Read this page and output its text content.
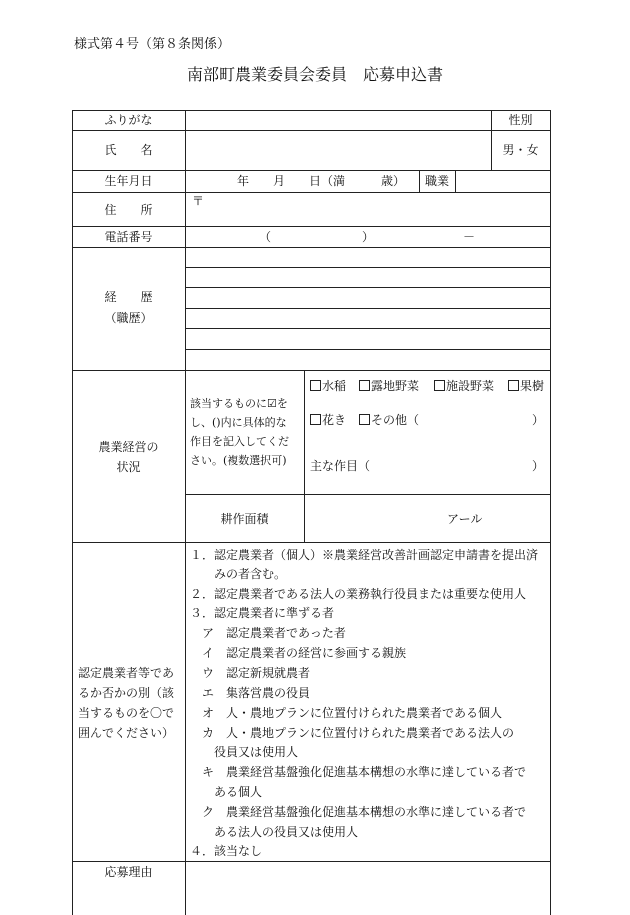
様式第４号（第８条関係）
南部町農業委員会委員　応募申込書
ふりがな	性別
氏　　名	男・女
生年月日	年　　月　　日（満　　　歳）	職業
住　　所
〒
電話番号	（	）	－
経　　歴
（職歴）
農業経営の
状況
該当するものに☑を
し、()内に具体的な
作目を記入してくだ
さい。(複数選択可)
水稲	露地野菜	施設野菜	果樹
花き	その他（	）
主な作目（	）
耕作面積	アール
認定農業者等であ
るか否かの別（該
当するものを〇で
囲んでください）
１．認定農業者（個人）※農業経営改善計画認定申請書を提出済
　　みの者含む。
２．認定農業者である法人の業務執行役員または重要な使用人
３．認定農業者に準ずる者
　ア　認定農業者であった者
　イ　認定農業者の経営に参画する親族
　ウ　認定新規就農者
　エ　集落営農の役員
　オ　人・農地プランに位置付けられた農業者である個人
　カ　人・農地プランに位置付けられた農業者である法人の
　　役員又は使用人
　キ　農業経営基盤強化促進基本構想の水準に達している者で
　　ある個人
　ク　農業経営基盤強化促進基本構想の水準に達している者で
　　ある法人の役員又は使用人
４．該当なし
応募理由
